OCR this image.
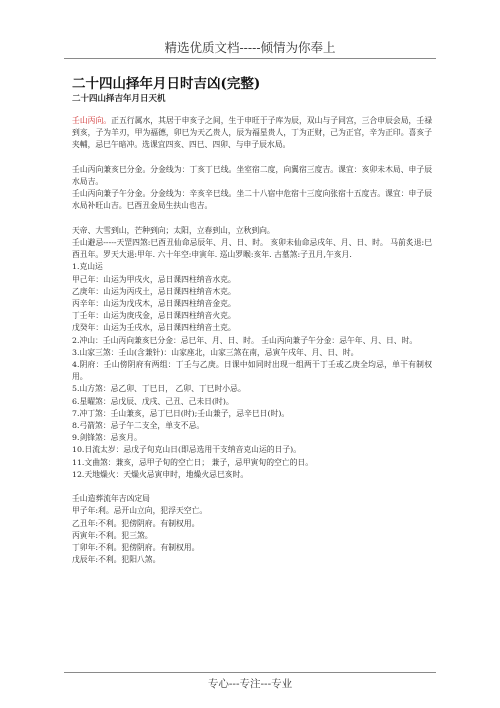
精选优质文档-----倾情为你奉上
二十四山择年月日时吉凶(完整)
二十四山择吉年月日天机

壬山丙向。正五行属水，其居于申亥子之间，生于申旺于子库为辰，双山与子同宫，三合申辰会局，壬禄到亥，子为羊刃，甲为福德，卯巳为天乙贵人，辰为福星贵人，丁为正财，己为正官，辛为正印。喜亥子夹輔，忌巳午暗冲。选课宜四亥、四巳、四卯、与申子辰水局。

壬山丙向兼亥巳分金。分金线为：丁亥丁巳线。坐室宿二度，向翼宿三度吉。课宜：亥卯未木局、申子辰水局吉。

壬山丙向兼子午分金。分金线为：辛亥辛巳线。坐二十八宿中危宿十三度向张宿十五度吉。课宜：申子辰水局补旺山吉。巳酉丑金局生扶山也吉。

天帝、大雪到山，芒种到向；太阳，立春到山，立秋到向。

壬山避忌-----天罡四煞:巳酉丑仙命忌辰年、月、日、时。 亥卯未仙命忌戌年、月、日、时。 马前炙退:巳酉丑年。罗天大退:甲年. 六十年空:申寅年. 巡山罗睺:亥年. 古墓煞:子丑月,午亥月.

1.克山运

甲己年：山运为甲戌火，忌日课四柱纳音水克。

乙庚年：山运为丙戌土，忌日课四柱纳音木克。

丙辛年：山运为戊戌木，忌日课四柱纳音金克。

丁壬年：山运为庚戌金，忌日课四柱纳音火克。

戊癸年：山运为壬戌水，忌日课四柱纳音土克。

2.冲山：壬山丙向兼亥巳分金：忌巳年、月、日、时。 壬山丙向兼子午分金：忌午年、月、日、时。

3.山家三煞：壬山(含兼针)：山家座北，山家三煞在南，忌寅午戌年、月、日、时。

4.阴府：壬山傍阴府有两组：丁壬与乙庚。日课中如同时出现一组两干丁壬或乙庚全均忌，单干有制权用。

5.山方煞：忌乙卯、丁巳日， 乙卯、丁巳时小忌。

6.星曜煞：忌戊辰、戊戌、己丑、己未日(时)。

7.冲丁煞：壬山兼亥，忌丁巳日(时);壬山兼子，忌辛巳日(时)。

8.弓箭煞：忌子午二支全，单支不忌。

9.剑锋煞：忌亥月。

10.日流太岁：忌戊子旬克山日(即忌选用干支纳音克山运的日子)。

11.文曲煞：兼亥，忌甲子旬的空亡日； 兼子，忌甲寅旬的空亡的日。

12.天地燥火：天燥火忌寅申时，地燥火忌巳亥时。

壬山造葬流年吉凶定局

甲子年:利。忌开山立向，犯浮天空亡。

乙丑年:不利。犯傍阴府。有制权用。

丙寅年:不利。犯三煞。

丁卯年:不利。犯傍阴府。有制权用。

戊辰年:不利。犯阳八煞。

专心---专注---专业
